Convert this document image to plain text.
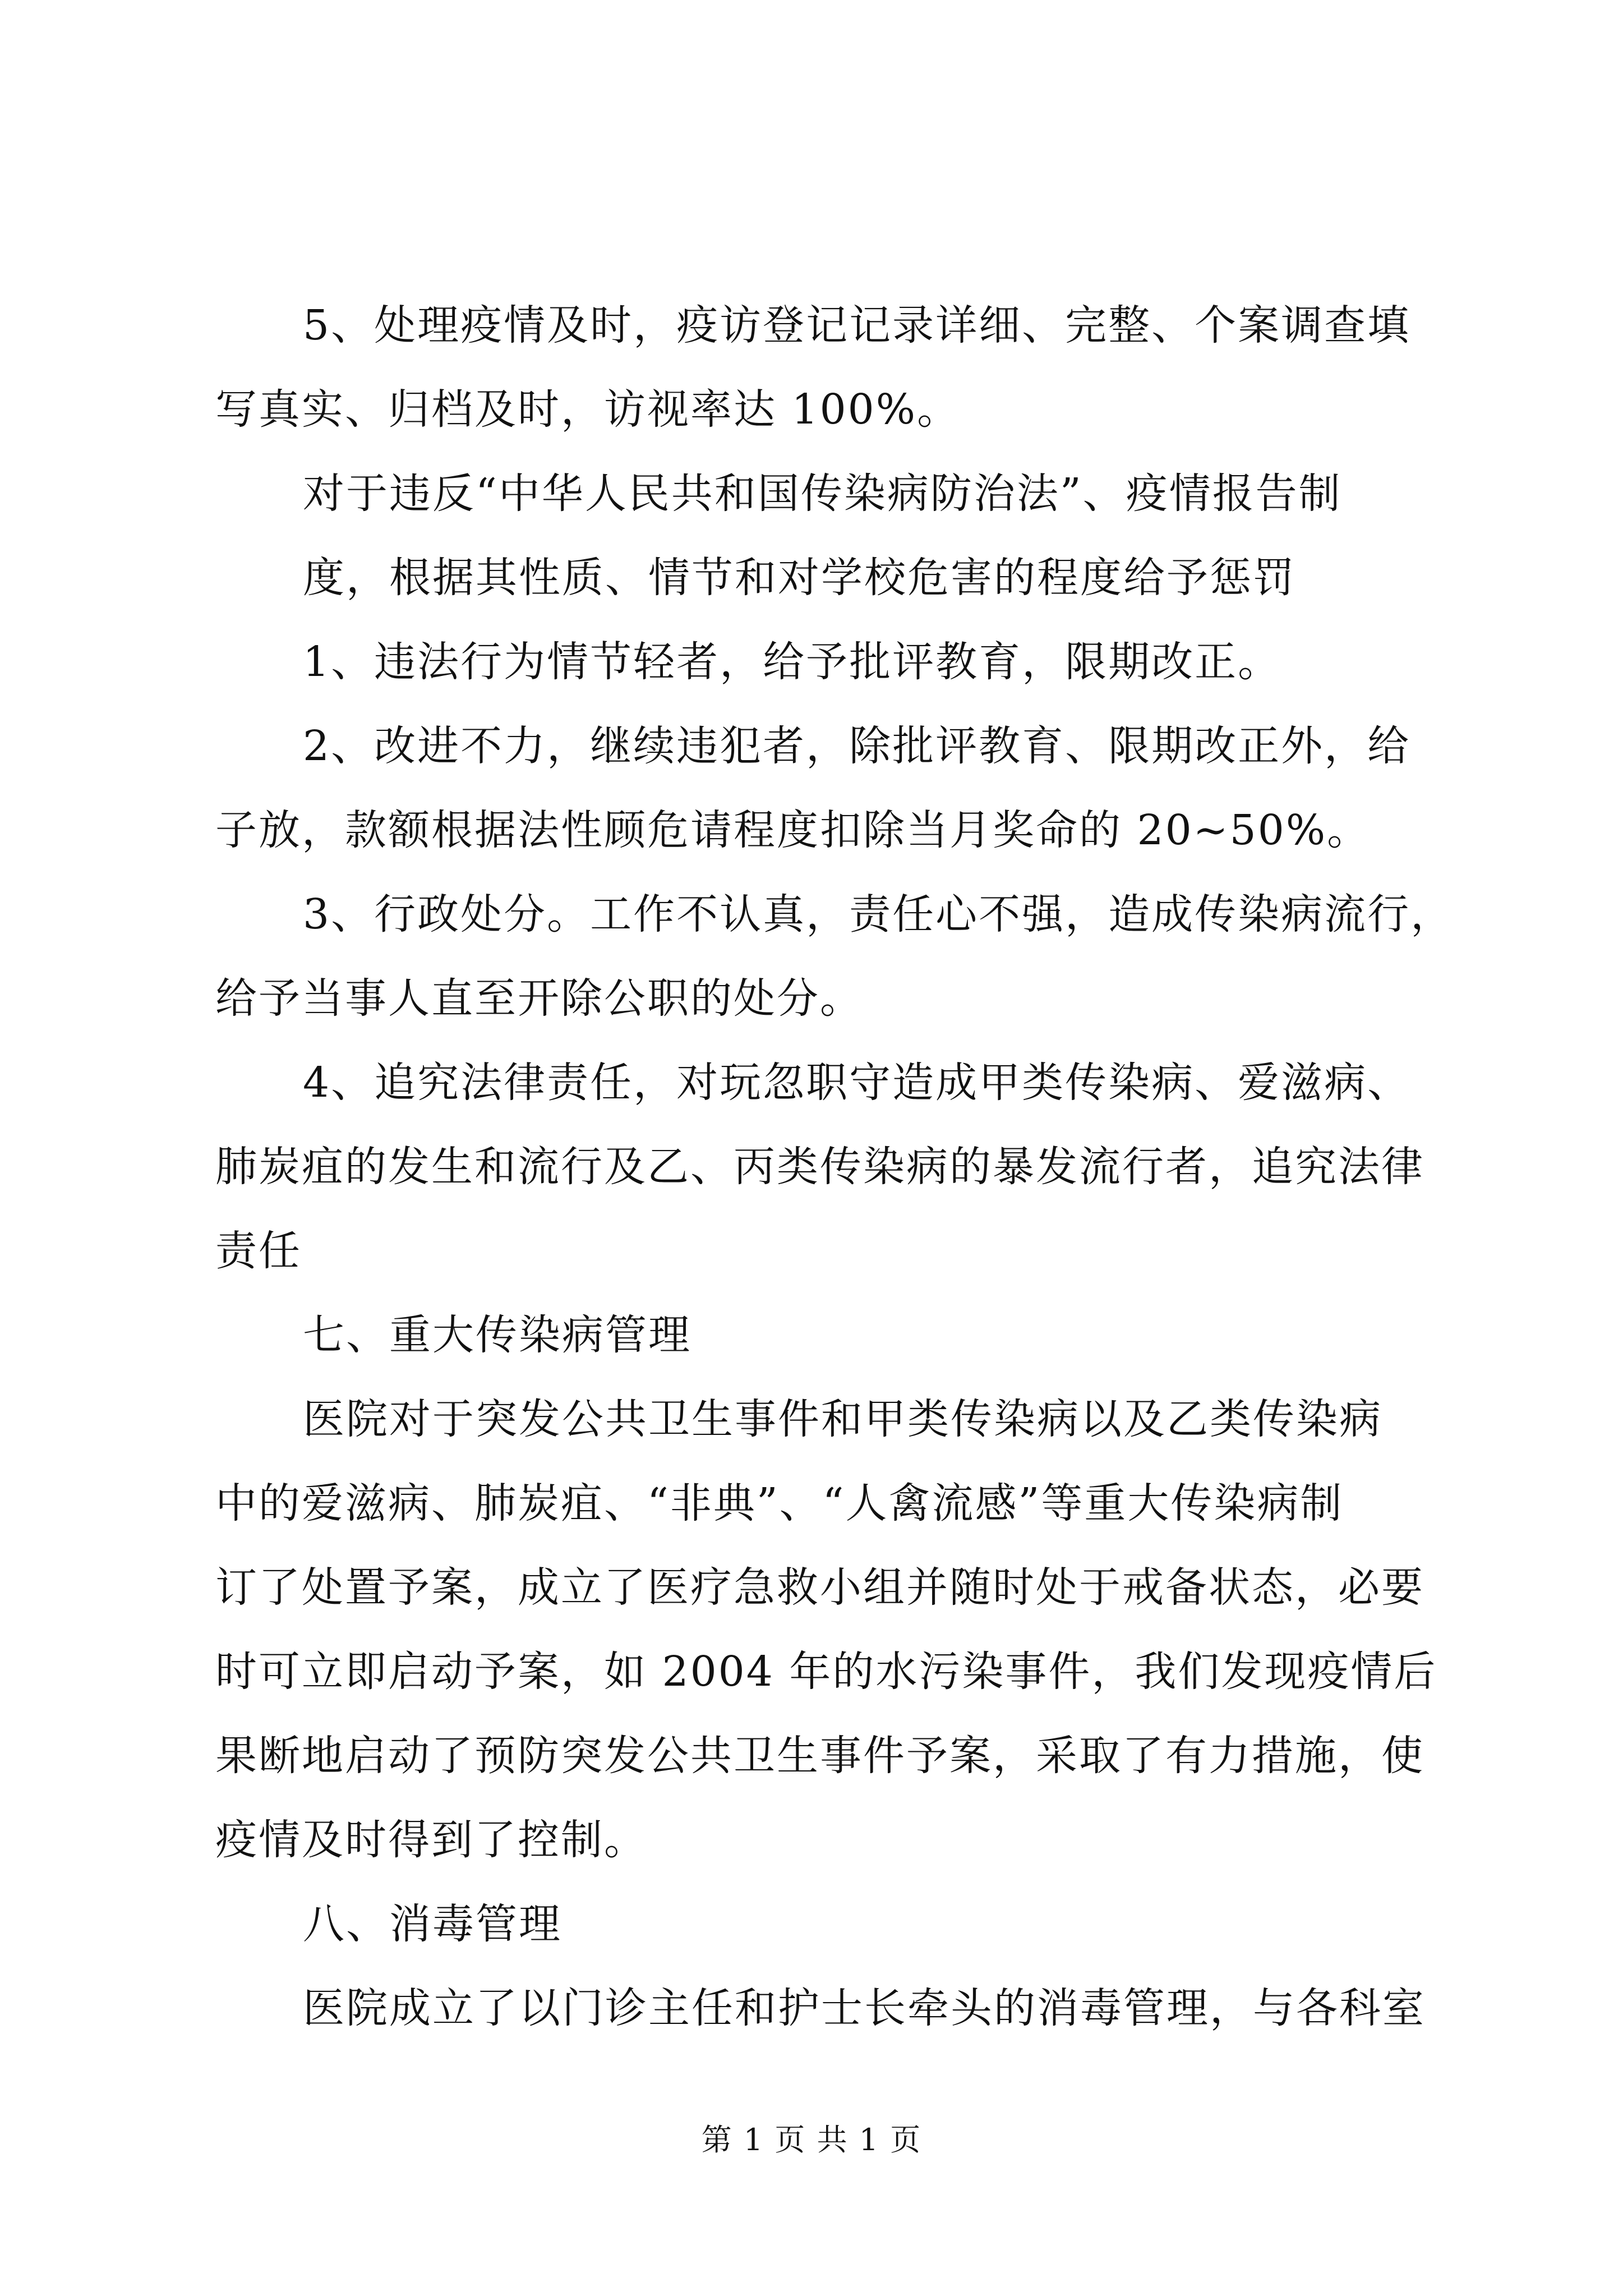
5、处理疫情及时，疫访登记记录详细、完整、个案调查填
写真实、归档及时，访视率达 100%。
对于违反“中华人民共和国传染病防治法”、疫情报告制
度，根据其性质、情节和对学校危害的程度给予惩罚
1、违法行为情节轻者，给予批评教育，限期改正。
2、改进不力，继续违犯者，除批评教育、限期改正外，给
子放，款额根据法性顾危请程度扣除当月奖命的 20~50%。
3、行政处分。工作不认真，责任心不强，造成传染病流行，
给予当事人直至开除公职的处分。
4、追究法律责任，对玩忽职守造成甲类传染病、爱滋病、
肺炭疽的发生和流行及乙、丙类传染病的暴发流行者，追究法律
责任
七、重大传染病管理
医院对于突发公共卫生事件和甲类传染病以及乙类传染病
中的爱滋病、肺炭疽、“非典”、“人禽流感”等重大传染病制
订了处置予案，成立了医疗急救小组并随时处于戒备状态，必要
时可立即启动予案，如 2004 年的水污染事件，我们发现疫情后
果断地启动了预防突发公共卫生事件予案，采取了有力措施，使
疫情及时得到了控制。
八、消毒管理
医院成立了以门诊主任和护士长牵头的消毒管理，与各科室
第 1 页 共 1 页
